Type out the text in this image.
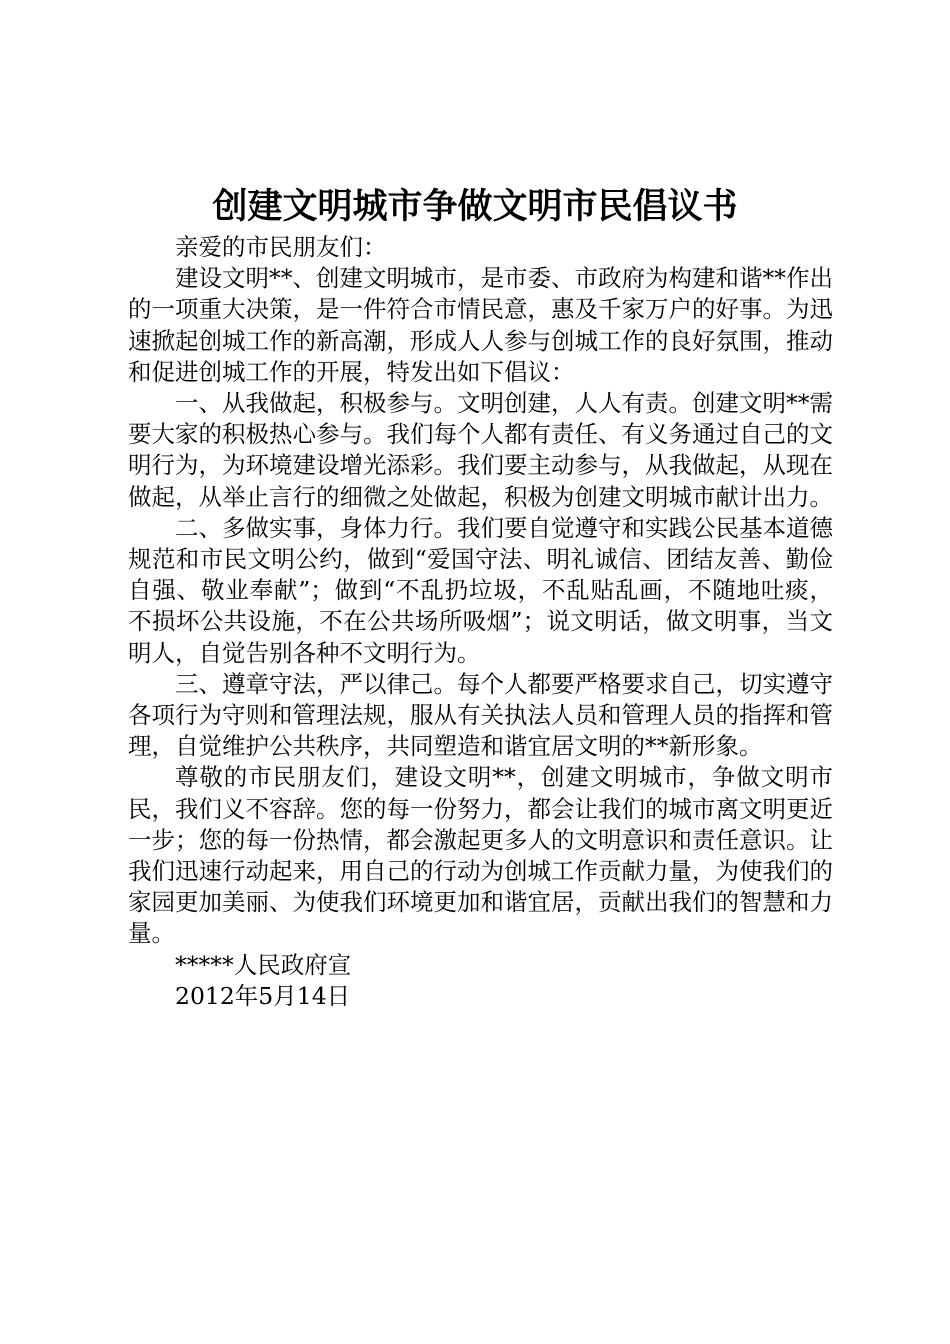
创建文明城市争做文明市民倡议书

亲爱的市民朋友们：

建设文明**、创建文明城市，是市委、市政府为构建和谐**作出的一项重大决策，是一件符合市情民意，惠及千家万户的好事。为迅速掀起创城工作的新高潮，形成人人参与创城工作的良好氛围，推动和促进创城工作的开展，特发出如下倡议：

一、从我做起，积极参与。文明创建，人人有责。创建文明**需要大家的积极热心参与。我们每个人都有责任、有义务通过自己的文明行为，为环境建设增光添彩。我们要主动参与，从我做起，从现在做起，从举止言行的细微之处做起，积极为创建文明城市献计出力。

二、多做实事，身体力行。我们要自觉遵守和实践公民基本道德规范和市民文明公约，做到“爱国守法、明礼诚信、团结友善、勤俭自强、敬业奉献”；做到“不乱扔垃圾，不乱贴乱画，不随地吐痰，不损坏公共设施，不在公共场所吸烟”；说文明话，做文明事，当文明人，自觉告别各种不文明行为。

三、遵章守法，严以律己。每个人都要严格要求自己，切实遵守各项行为守则和管理法规，服从有关执法人员和管理人员的指挥和管理，自觉维护公共秩序，共同塑造和谐宜居文明的**新形象。

尊敬的市民朋友们，建设文明**，创建文明城市，争做文明市民，我们义不容辞。您的每一份努力，都会让我们的城市离文明更近一步；您的每一份热情，都会激起更多人的文明意识和责任意识。让我们迅速行动起来，用自己的行动为创城工作贡献力量，为使我们的家园更加美丽、为使我们环境更加和谐宜居，贡献出我们的智慧和力量。

*****人民政府宣

2012年5月14日
